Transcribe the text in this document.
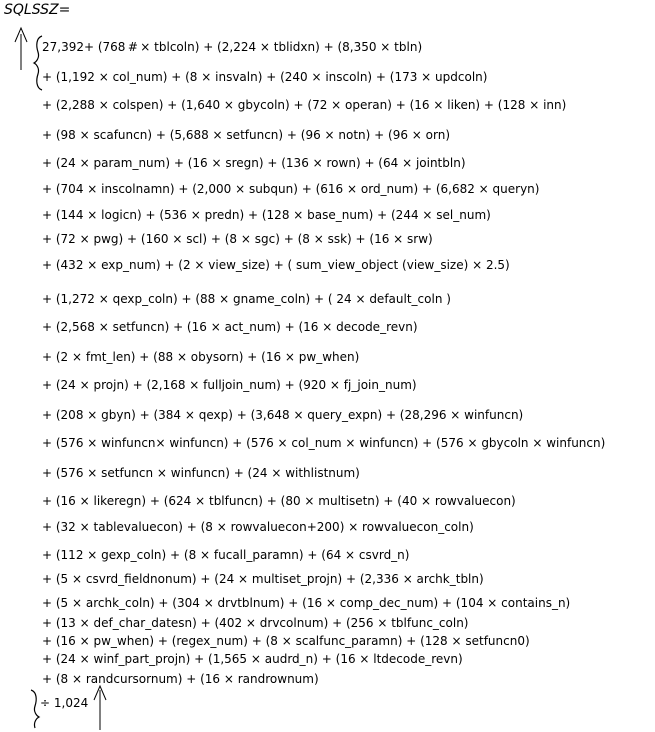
SQLSSZ=
27,392+ (768 # × tblcoln) + (2,224 × tblidxn) + (8,350 × tbln)
+ (1,192 × col_num) + (8 × insvaln) + (240 × inscoln) + (173 × updcoln)
+ (2,288 × colspen) + (1,640 × gbycoln) + (72 × operan) + (16 × liken) + (128 × inn)
+ (98 × scafuncn) + (5,688 × setfuncn) + (96 × notn) + (96 × orn)
+ (24 × param_num) + (16 × sregn) + (136 × rown) + (64 × jointbln)
+ (704 × inscolnamn) + (2,000 × subqun) + (616 × ord_num) + (6,682 × queryn)
+ (144 × logicn) + (536 × predn) + (128 × base_num) + (244 × sel_num)
+ (72 × pwg) + (160 × scl) + (8 × sgc) + (8 × ssk) + (16 × srw)
+ (432 × exp_num) + (2 × view_size) + ( sum_view_object (view_size) × 2.5)
+ (1,272 × qexp_coln) + (88 × gname_coln) + ( 24 × default_coln )
+ (2,568 × setfuncn) + (16 × act_num) + (16 × decode_revn)
+ (2 × fmt_len) + (88 × obysorn) + (16 × pw_when)
+ (24 × projn) + (2,168 × fulljoin_num) + (920 × fj_join_num)
+ (208 × gbyn) + (384 × qexp) + (3,648 × query_expn) + (28,296 × winfuncn)
+ (576 × winfuncn× winfuncn) + (576 × col_num × winfuncn) + (576 × gbycoln × winfuncn)
+ (576 × setfuncn × winfuncn) + (24 × withlistnum)
+ (16 × likeregn) + (624 × tblfuncn) + (80 × multisetn) + (40 × rowvaluecon)
+ (32 × tablevaluecon) + (8 × rowvaluecon+200) × rowvaluecon_coln)
+ (112 × gexp_coln) + (8 × fucall_paramn) + (64 × csvrd_n)
+ (5 × csvrd_fieldnonum) + (24 × multiset_projn) + (2,336 × archk_tbln)
+ (5 × archk_coln) + (304 × drvtblnum) + (16 × comp_dec_num) + (104 × contains_n)
+ (13 × def_char_datesn) + (402 × drvcolnum) + (256 × tblfunc_coln)
+ (16 × pw_when) + (regex_num) + (8 × scalfunc_paramn) + (128 × setfuncn0)
+ (24 × winf_part_projn) + (1,565 × audrd_n) + (16 × ltdecode_revn)
+ (8 × randcursornum) + (16 × randrownum)
÷ 1,024
